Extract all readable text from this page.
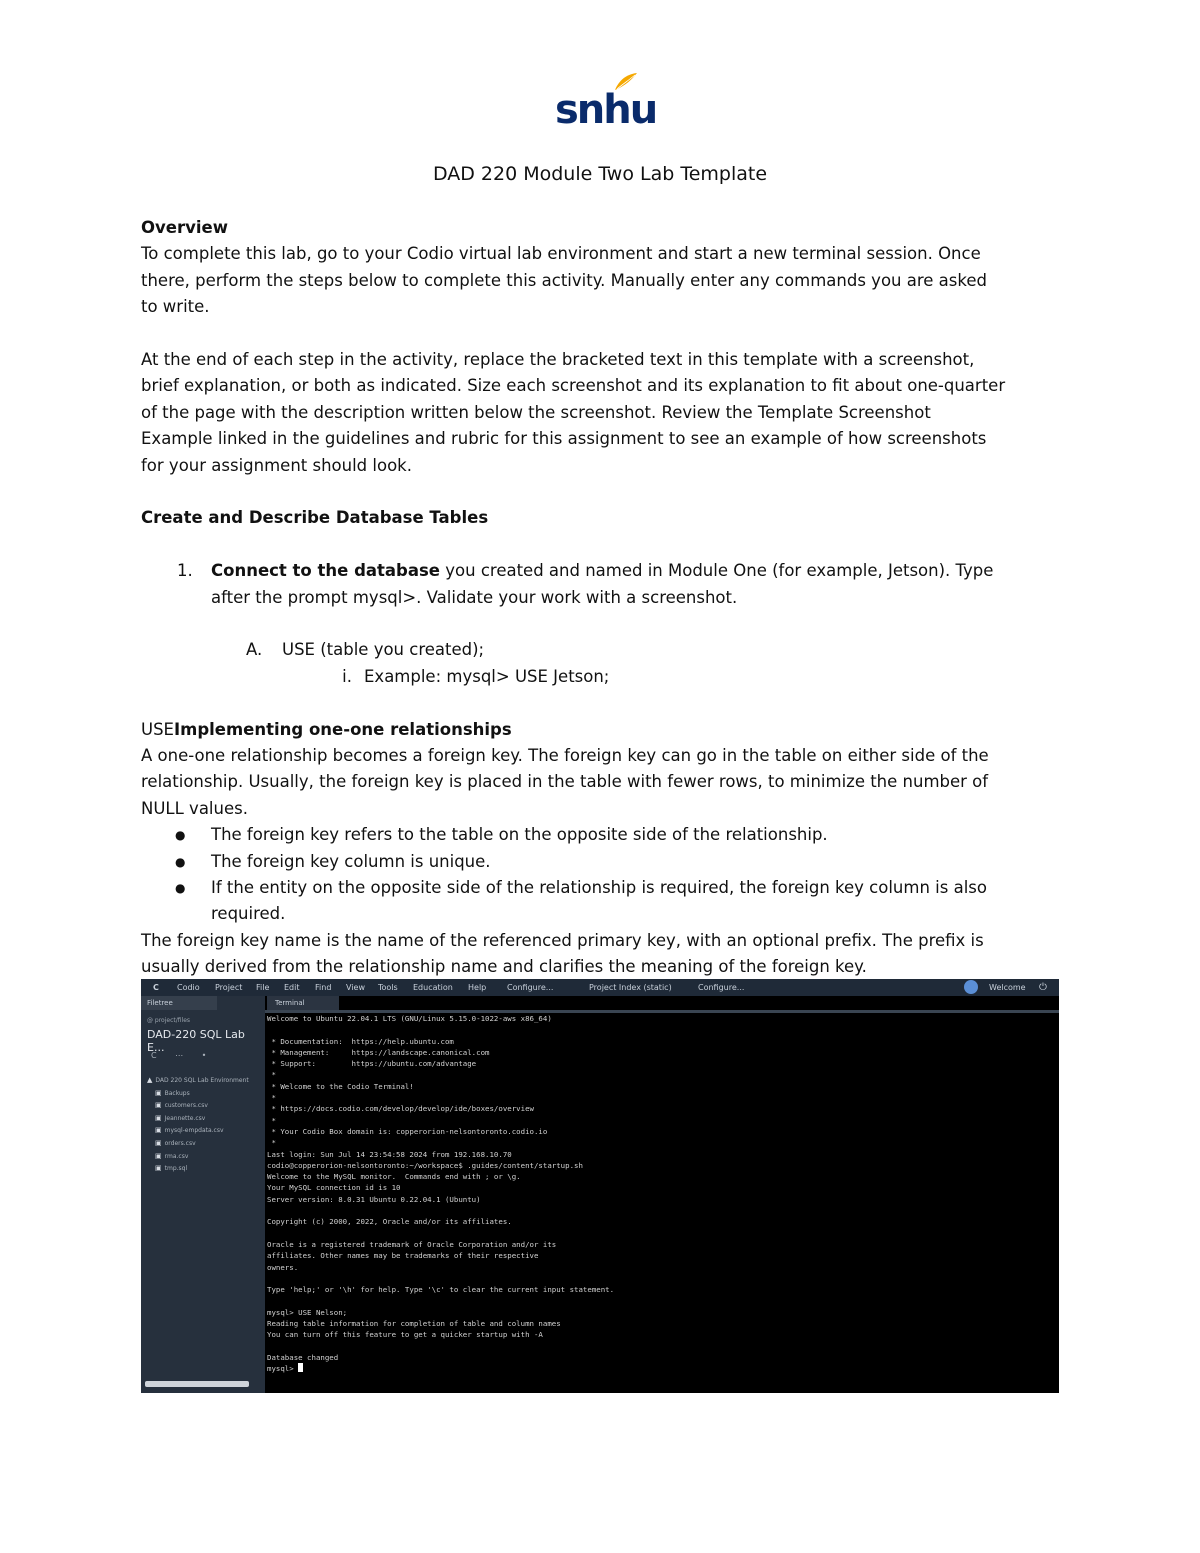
snhu
DAD 220 Module Two Lab Template

Overview

To complete this lab, go to your Codio virtual lab environment and start a new terminal session. Once

there, perform the steps below to complete this activity. Manually enter any commands you are asked

to write.

At the end of each step in the activity, replace the bracketed text in this template with a screenshot,

brief explanation, or both as indicated. Size each screenshot and its explanation to fit about one-quarter

of the page with the description written below the screenshot. Review the Template Screenshot

Example linked in the guidelines and rubric for this assignment to see an example of how screenshots

for your assignment should look.

Create and Describe Database Tables

1.	Connect to the database you created and named in Module One (for example, Jetson). Type
after the prompt mysql>. Validate your work with a screenshot.
A.	USE (table you created);
i. Example: mysql> USE Jetson;

USEImplementing one-one relationships

A one-one relationship becomes a foreign key. The foreign key can go in the table on either side of the

relationship. Usually, the foreign key is placed in the table with fewer rows, to minimize the number of

NULL values.

●	The foreign key refers to the table on the opposite side of the relationship.
●	The foreign key column is unique.
●	If the entity on the opposite side of the relationship is required, the foreign key column is also
required.

The foreign key name is the name of the referenced primary key, with an optional prefix. The prefix is

usually derived from the relationship name and clarifies the meaning of the foreign key.

C Codio Project File Edit Find View Tools Education Help	Configure...	Project Index (static)	Configure...	Welcome ⏻
Filetree
@ project/files
DAD-220 SQL Lab E...
C ⋯ •
▲ DAD 220 SQL Lab Environment
▣ Backups
▣ customers.csv
▣ Jeannette.csv
▣ mysql-empdata.csv
▣ orders.csv
▣ rma.csv
▣ tmp.sql
Terminal
Welcome to Ubuntu 22.04.1 LTS (GNU/Linux 5.15.0-1022-aws x86_64)
* Documentation:  https://help.ubuntu.com
* Management:     https://landscape.canonical.com
* Support:        https://ubuntu.com/advantage
*
* Welcome to the Codio Terminal!
*
* https://docs.codio.com/develop/develop/ide/boxes/overview
*
* Your Codio Box domain is: copperorion-nelsontoronto.codio.io
*
Last login: Sun Jul 14 23:54:58 2024 from 192.168.10.70
codio@copperorion-nelsontoronto:~/workspace$ .guides/content/startup.sh
Welcome to the MySQL monitor.  Commands end with ; or \g.
Your MySQL connection id is 10
Server version: 8.0.31 Ubuntu 0.22.04.1 (Ubuntu)
Copyright (c) 2000, 2022, Oracle and/or its affiliates.
Oracle is a registered trademark of Oracle Corporation and/or its
affiliates. Other names may be trademarks of their respective
owners.
Type 'help;' or '\h' for help. Type '\c' to clear the current input statement.
mysql> USE Nelson;
Reading table information for completion of table and column names
You can turn off this feature to get a quicker startup with -A
Database changed
mysql>
